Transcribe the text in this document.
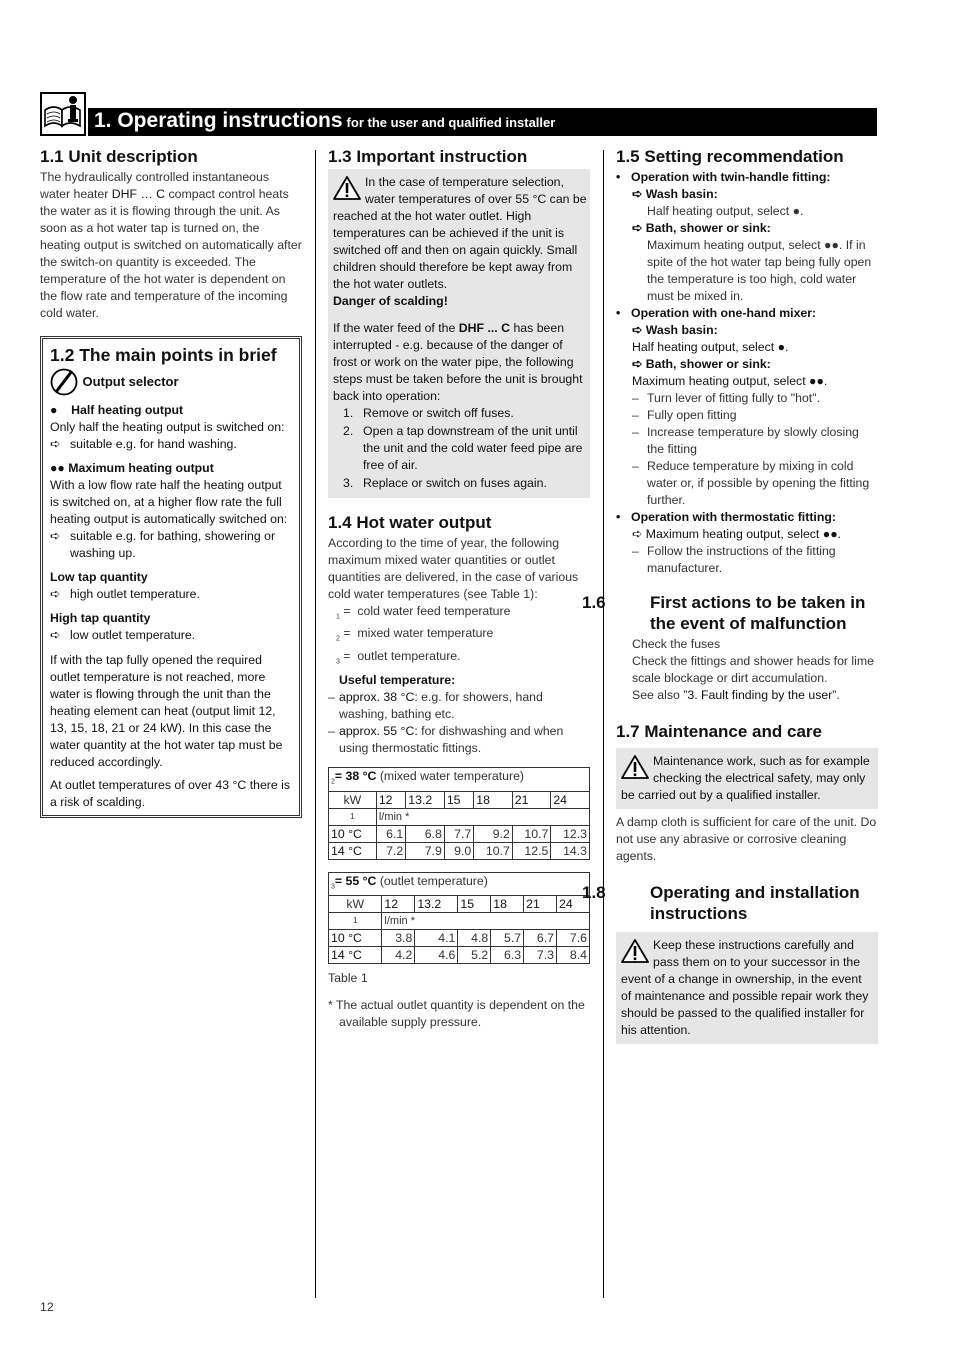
1. Operating instructions for the user and qualified installer
1.1 Unit description

The hydraulically controlled instantaneous water heater DHF … C compact control heats the water as it is flowing through the unit. As soon as a hot water tap is turned on, the heating output is switched on automatically after the switch-on quantity is exceeded. The temperature of the hot water is dependent on the flow rate and temperature of the incoming cold water.

1.2 The main points in brief
Output selector

● Half heating output

Only half the heating output is switched on:

➪ suitable e.g. for hand washing.

●● Maximum heating output

With a low flow rate half the heating output is switched on, at a higher flow rate the full heating output is automatically switched on:

➪ suitable e.g. for bathing, showering or washing up.

Low tap quantity

➪ high outlet temperature.

High tap quantity

➪ low outlet temperature.

If with the tap fully opened the required outlet temperature is not reached, more water is flowing through the unit than the heating element can heat (output limit 12, 13, 15, 18, 21 or 24 kW). In this case the water quantity at the hot water tap must be reduced accordingly.

At outlet temperatures of over 43 °C there is a risk of scalding.

1.3 Important instruction
In the case of temperature selection, water temperatures of over 55 °C can be reached at the hot water outlet. High temperatures can be achieved if the unit is switched off and then on again quickly. Small children should therefore be kept away from the hot water outlets.
Danger of scalding!

If the water feed of the DHF ... C has been interrupted - e.g. because of the danger of frost or work on the water pipe, the following steps must be taken before the unit is brought back into operation:

1. Remove or switch off fuses.

2. Open a tap downstream of the unit until the unit and the cold water feed pipe are free of air.

3. Replace or switch on fuses again.

1.4 Hot water output

According to the time of year, the following maximum mixed water quantities or outlet quantities are delivered, in the case of various cold water temperatures (see Table 1):

$_1$ =  cold water feed temperature

$_2$ =  mixed water temperature

$_3$ =  outlet temperature.

Useful temperature:

– approx. 38 °C: e.g. for showers, hand washing, bathing etc.

– approx. 55 °C: for dishwashing and when using thermostatic fittings.

$_2$= 38 °C (mixed water temperature)						
kW	12	13.2	15	18	21	24
1	l/min *					
10 °C	6.1	6.8	7.7	9.2	10.7	12.3
14 °C	7.2	7.9	9.0	10.7	12.5	14.3
$_3$= 55 °C (outlet temperature)						
kW	12	13.2	15	18	21	24
1	l/min *					
10 °C	3.8	4.1	4.8	5.7	6.7	7.6
14 °C	4.2	4.6	5.2	6.3	7.3	8.4

Table 1

* The actual outlet quantity is dependent on the available supply pressure.

1.5 Setting recommendation

• Operation with twin-handle fitting:

➪ Wash basin:

Half heating output, select ●.

➪ Bath, shower or sink:

Maximum heating output, select ●●. If in spite of the hot water tap being fully open the temperature is too high, cold water must be mixed in.

• Operation with one-hand mixer:

➪ Wash basin:

Half heating output, select ●.

➪ Bath, shower or sink:

Maximum heating output, select ●●.

– Turn lever of fitting fully to "hot".

– Fully open fitting

– Increase temperature by slowly closing the fitting

– Reduce temperature by mixing in cold water or, if possible by opening the fitting further.

• Operation with thermostatic fitting:

➪ Maximum heating output, select ●●.

– Follow the instructions of the fitting manufacturer.

1.6	First actions to be taken in the event of malfunction

Check the fuses

Check the fittings and shower heads for lime scale blockage or dirt accumulation.

See also ”3. Fault finding by the user”.

1.7 Maintenance and care
Maintenance work, such as for example checking the electrical safety, may only be carried out by a qualified installer.

A damp cloth is sufficient for care of the unit. Do not use any abrasive or corrosive cleaning agents.

1.8	Operating and installation instructions
Keep these instructions carefully and pass them on to your successor in the event of a change in ownership, in the event of maintenance and possible repair work they should be passed to the qualified installer for his attention.
12
